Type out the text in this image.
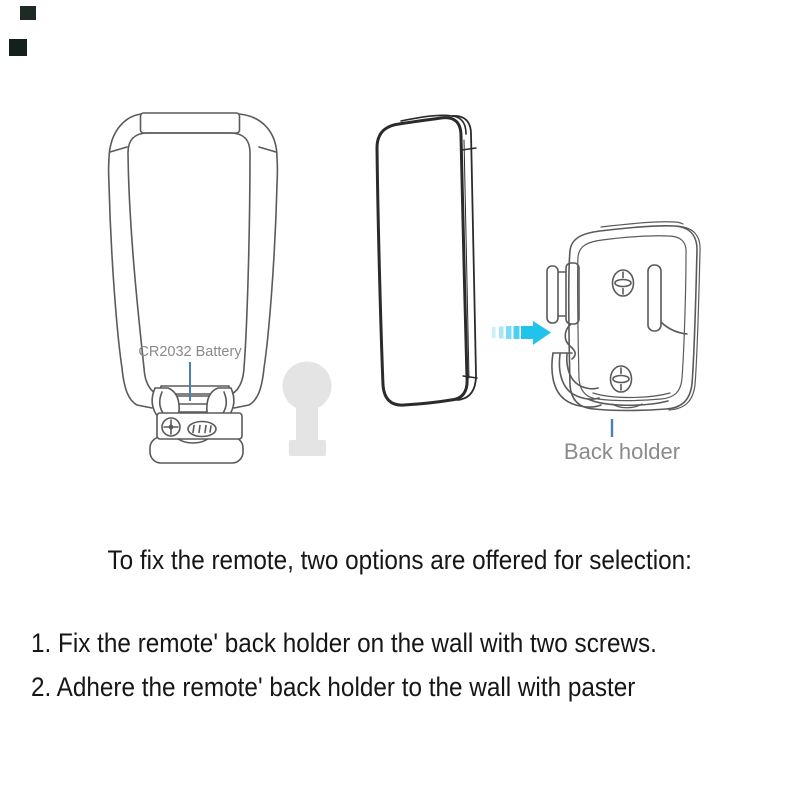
CR2032 Battery
Back holder
To fix the remote, two options are offered for selection:
1. Fix the remote' back holder on the wall with two screws.
2. Adhere the remote' back holder to the wall with paster
